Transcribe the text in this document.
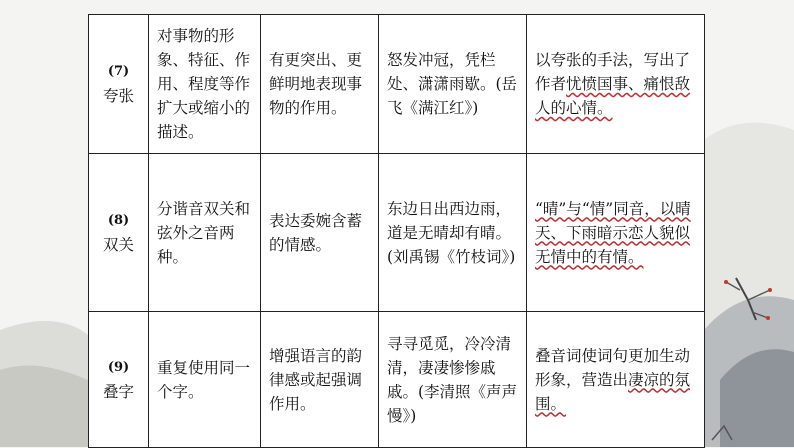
(7)
夸张	对事物的形象、特征、作用、程度等作扩大或缩小的描述。	有更突出、更鲜明地表现事物的作用。	怒发冲冠，凭栏处、潇潇雨歇。(岳飞《满江红》)	以夸张的手法，写出了作者忧愤国事、痛恨敌人的心情。

(8)
双关	分谐音双关和弦外之音两种。	表达委婉含蓄的情感。	东边日出西边雨，道是无晴却有晴。(刘禹锡《竹枝词》)	“晴”与“情”同音，以晴天、下雨暗示恋人貌似无情中的有情。

(9)
叠字	重复使用同一个字。	增强语言的韵律感或起强调作用。	寻寻觅觅，冷冷清清，凄凄惨惨戚戚。(李清照《声声慢》)	叠音词使词句更加生动形象，营造出凄凉的氛围。
